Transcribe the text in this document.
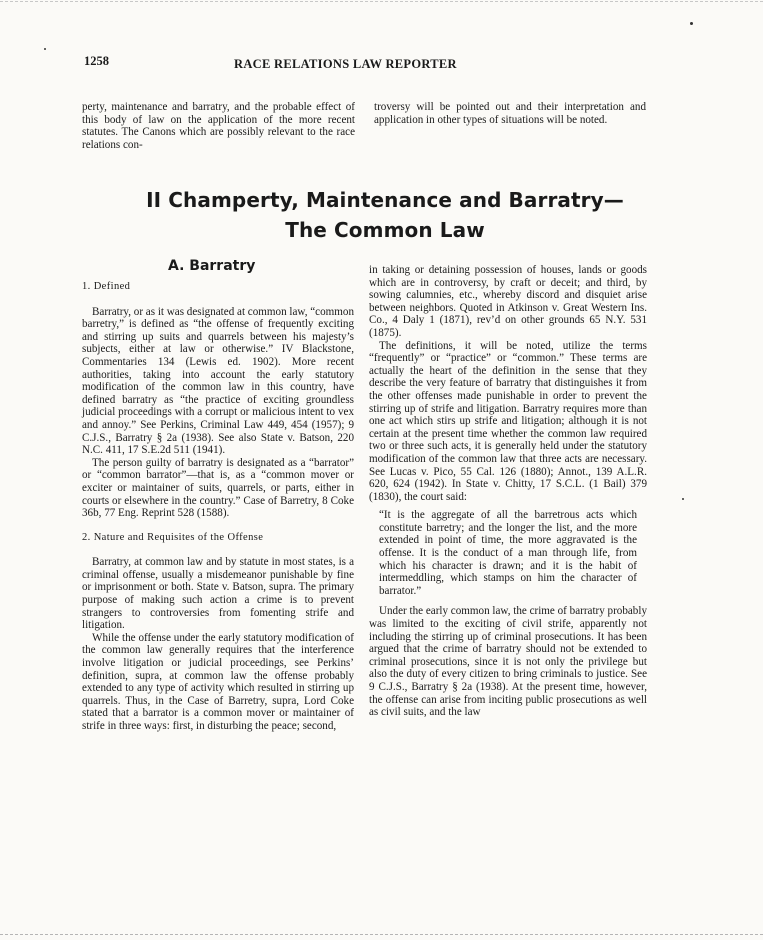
1258	RACE RELATIONS LAW REPORTER

perty, maintenance and barratry, and the probable effect of this body of law on the application of the more recent statutes. The Canons which are possibly relevant to the race relations con-

troversy will be pointed out and their interpretation and application in other types of situations will be noted.

II Champerty, Maintenance and Barratry—
The Common Law
A. Barratry

1. Defined

Barratry, or as it was designated at common law, “common barretry,” is defined as “the offense of frequently exciting and stirring up suits and quarrels between his majesty’s subjects, either at law or otherwise.” IV Blackstone, Commentaries 134 (Lewis ed. 1902). More recent authorities, taking into account the early statutory modification of the common law in this country, have defined barratry as “the practice of exciting groundless judicial proceedings with a corrupt or malicious intent to vex and annoy.” See Perkins, Criminal Law 449, 454 (1957); 9 C.J.S., Barratry § 2a (1938). See also State v. Batson, 220 N.C. 411, 17 S.E.2d 511 (1941).

The person guilty of barratry is designated as a “barrator” or “common barrator”—that is, as a “common mover or exciter or maintainer of suits, quarrels, or parts, either in courts or elsewhere in the country.” Case of Barretry, 8 Coke 36b, 77 Eng. Reprint 528 (1588).

2. Nature and Requisites of the Offense

Barratry, at common law and by statute in most states, is a criminal offense, usually a misdemeanor punishable by fine or imprisonment or both. State v. Batson, supra. The primary purpose of making such action a crime is to prevent strangers to controversies from fomenting strife and litigation.

While the offense under the early statutory modification of the common law generally requires that the interference involve litigation or judicial proceedings, see Perkins’ definition, supra, at common law the offense probably extended to any type of activity which resulted in stirring up quarrels. Thus, in the Case of Barretry, supra, Lord Coke stated that a barrator is a common mover or maintainer of strife in three ways: first, in disturbing the peace; second,

in taking or detaining possession of houses, lands or goods which are in controversy, by craft or deceit; and third, by sowing calumnies, etc., whereby discord and disquiet arise between neighbors. Quoted in Atkinson v. Great Western Ins. Co., 4 Daly 1 (1871), rev’d on other grounds 65 N.Y. 531 (1875).

The definitions, it will be noted, utilize the terms “frequently” or “practice” or “common.” These terms are actually the heart of the definition in the sense that they describe the very feature of barratry that distinguishes it from the other offenses made punishable in order to prevent the stirring up of strife and litigation. Barratry requires more than one act which stirs up strife and litigation; although it is not certain at the present time whether the common law required two or three such acts, it is generally held under the statutory modification of the common law that three acts are necessary. See Lucas v. Pico, 55 Cal. 126 (1880); Annot., 139 A.L.R. 620, 624 (1942). In State v. Chitty, 17 S.C.L. (1 Bail) 379 (1830), the court said:

“It is the aggregate of all the barretrous acts which constitute barretry; and the longer the list, and the more extended in point of time, the more aggravated is the offense. It is the conduct of a man through life, from which his character is drawn; and it is the habit of intermeddling, which stamps on him the character of barrator.”

Under the early common law, the crime of barratry probably was limited to the exciting of civil strife, apparently not including the stirring up of criminal prosecutions. It has been argued that the crime of barratry should not be extended to criminal prosecutions, since it is not only the privilege but also the duty of every citizen to bring criminals to justice. See 9 C.J.S., Barratry § 2a (1938). At the present time, however, the offense can arise from inciting public prosecutions as well as civil suits, and the law
